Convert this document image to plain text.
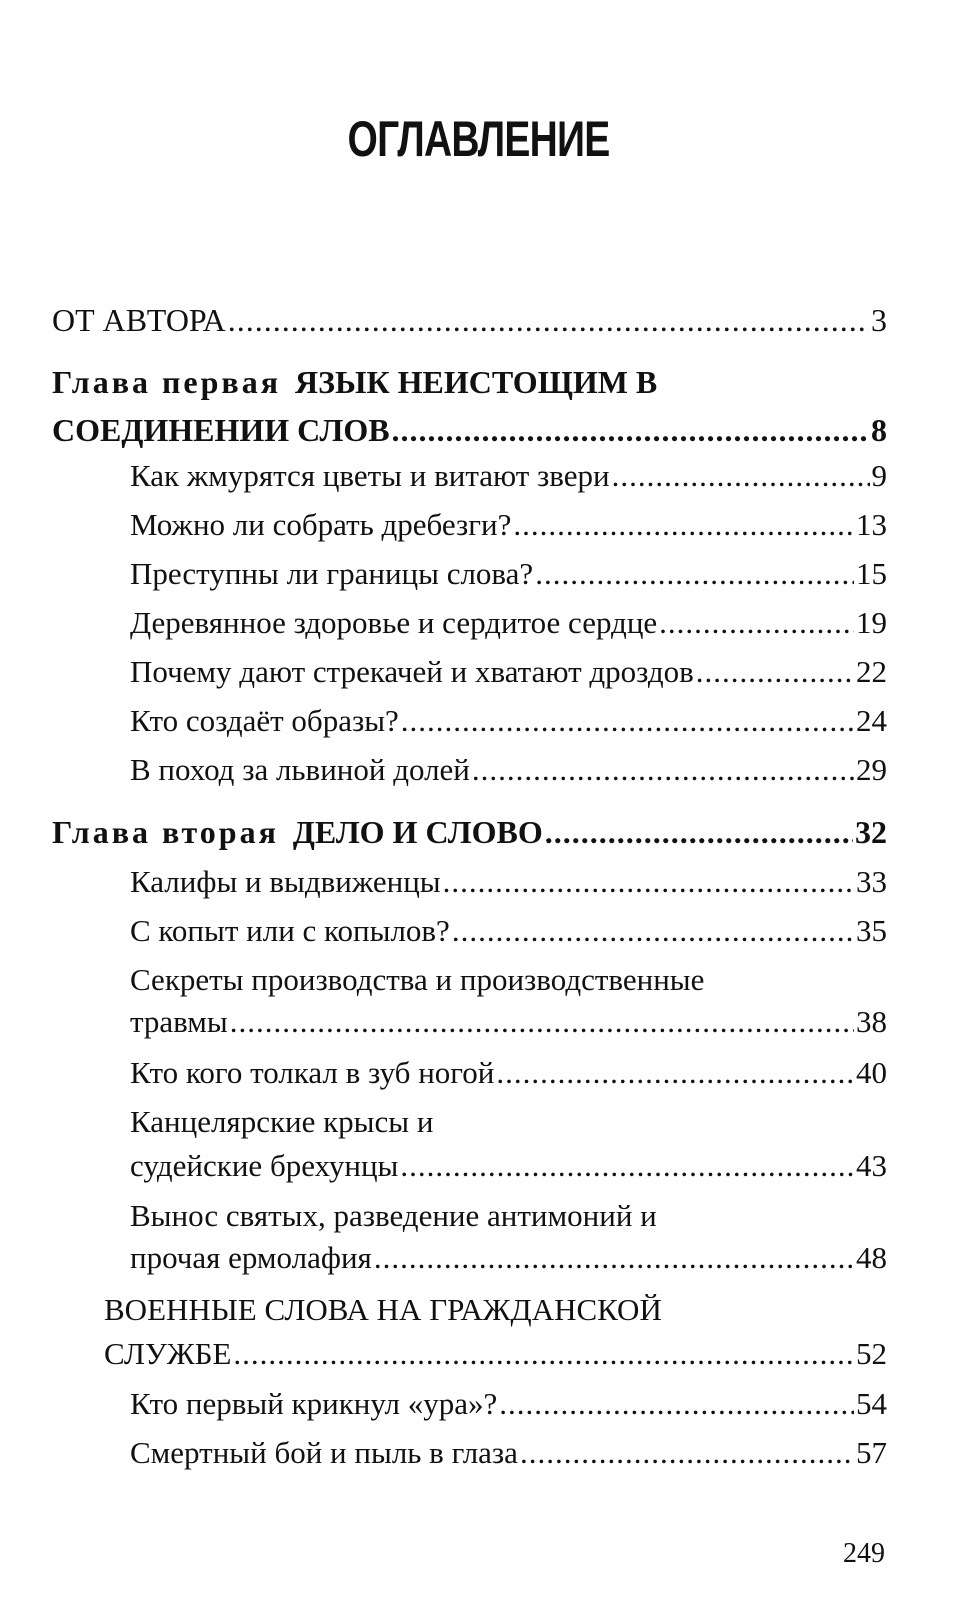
ОГЛАВЛЕНИЕ
ОТ АВТОРА .....	3
Глава первая ЯЗЫК НЕИСТОЩИМ В
СОЕДИНЕНИИ СЛОВ .....	8
Как жмурятся цветы и витают звери .....	9
Можно ли собрать дребезги? .....	13
Преступны ли границы слова? .....	15
Деревянное здоровье и сердитое сердце .....	19
Почему дают стрекачей и хватают дроздов .....	22
Кто создаёт образы? .....	24
В поход за львиной долей .....	29
Глава вторая ДЕЛО И СЛОВО .....	32
Калифы и выдвиженцы .....	33
С копыт или с копылов? .....	35
Секреты производства и производственные
травмы .....	38
Кто кого толкал в зуб ногой .....	40
Канцелярские крысы и
судейские брехунцы .....	43
Вынос святых, разведение антимоний и
прочая ермолафия .....	48
ВОЕННЫЕ СЛОВА НА ГРАЖДАНСКОЙ
СЛУЖБЕ .....	52
Кто первый крикнул «ура»? .....	54
Смертный бой и пыль в глаза .....	57
249
